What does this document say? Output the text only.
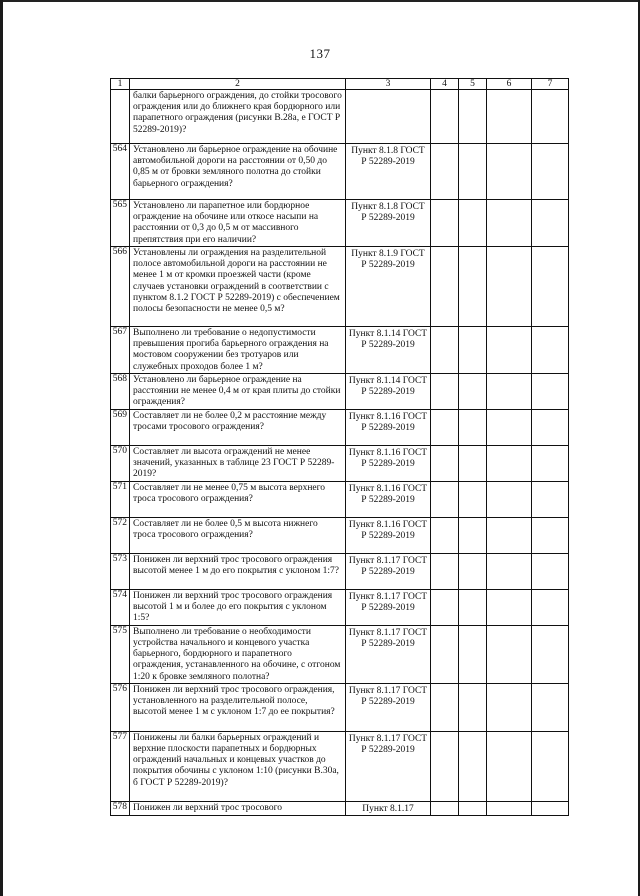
137
1	2	3	4	5	6	7
	балки барьерного ограждения, до стойки тросового ограждения или до ближнего края бордюрного или парапетного ограждения (рисунки В.28а, е ГОСТ Р 52289-2019)?					
564	Установлено ли барьерное ограждение на обочине автомобильной дороги на расстоянии от 0,50 до 0,85 м от бровки земляного полотна до стойки барьерного ограждения?	Пункт 8.1.8 ГОСТ Р 52289-2019				
565	Установлено ли парапетное или бордюрное ограждение на обочине или откосе насыпи на расстоянии от 0,3 до 0,5 м от массивного препятствия при его наличии?	Пункт 8.1.8 ГОСТ Р 52289-2019				
566	Установлены ли ограждения на разделительной полосе автомобильной дороги на расстоянии не менее 1 м от кромки проезжей части (кроме случаев установки ограждений в соответствии с пунктом 8.1.2 ГОСТ Р 52289-2019) с обеспечением полосы безопасности не менее 0,5 м?	Пункт 8.1.9 ГОСТ Р 52289-2019				
567	Выполнено ли требование о недопустимости превышения прогиба барьерного ограждения на мостовом сооружении без тротуаров или служебных проходов более 1 м?	Пункт 8.1.14 ГОСТ Р 52289-2019				
568	Установлено ли барьерное ограждение на расстоянии не менее 0,4 м от края плиты до стойки ограждения?	Пункт 8.1.14 ГОСТ Р 52289-2019				
569	Составляет ли не более 0,2 м расстояние между тросами тросового ограждения?	Пункт 8.1.16 ГОСТ Р 52289-2019				
570	Составляет ли высота ограждений не менее значений, указанных в таблице 23 ГОСТ Р 52289-2019?	Пункт 8.1.16 ГОСТ Р 52289-2019				
571	Составляет ли не менее 0,75 м высота верхнего троса тросового ограждения?	Пункт 8.1.16 ГОСТ Р 52289-2019				
572	Составляет ли не более 0,5 м высота нижнего троса тросового ограждения?	Пункт 8.1.16 ГОСТ Р 52289-2019				
573	Понижен ли верхний трос тросового ограждения высотой менее 1 м до его покрытия с уклоном 1:7?	Пункт 8.1.17 ГОСТ Р 52289-2019				
574	Понижен ли верхний трос тросового ограждения высотой 1 м и более до его покрытия с уклоном 1:5?	Пункт 8.1.17 ГОСТ Р 52289-2019				
575	Выполнено ли требование о необходимости устройства начального и концевого участка барьерного, бордюрного и парапетного ограждения, устанавленного на обочине, с отгоном 1:20 к бровке земляного полотна?	Пункт 8.1.17 ГОСТ Р 52289-2019				
576	Понижен ли верхний трос тросового ограждения, установленного на разделительной полосе, высотой менее 1 м с уклоном 1:7 до ее покрытия?	Пункт 8.1.17 ГОСТ Р 52289-2019				
577	Понижены ли балки барьерных ограждений и верхние плоскости парапетных и бордюрных ограждений начальных и концевых участков до покрытия обочины с уклоном 1:10 (рисунки В.30а, б ГОСТ Р 52289-2019)?	Пункт 8.1.17 ГОСТ Р 52289-2019				
578	Понижен ли верхний трос тросового	Пункт 8.1.17				
